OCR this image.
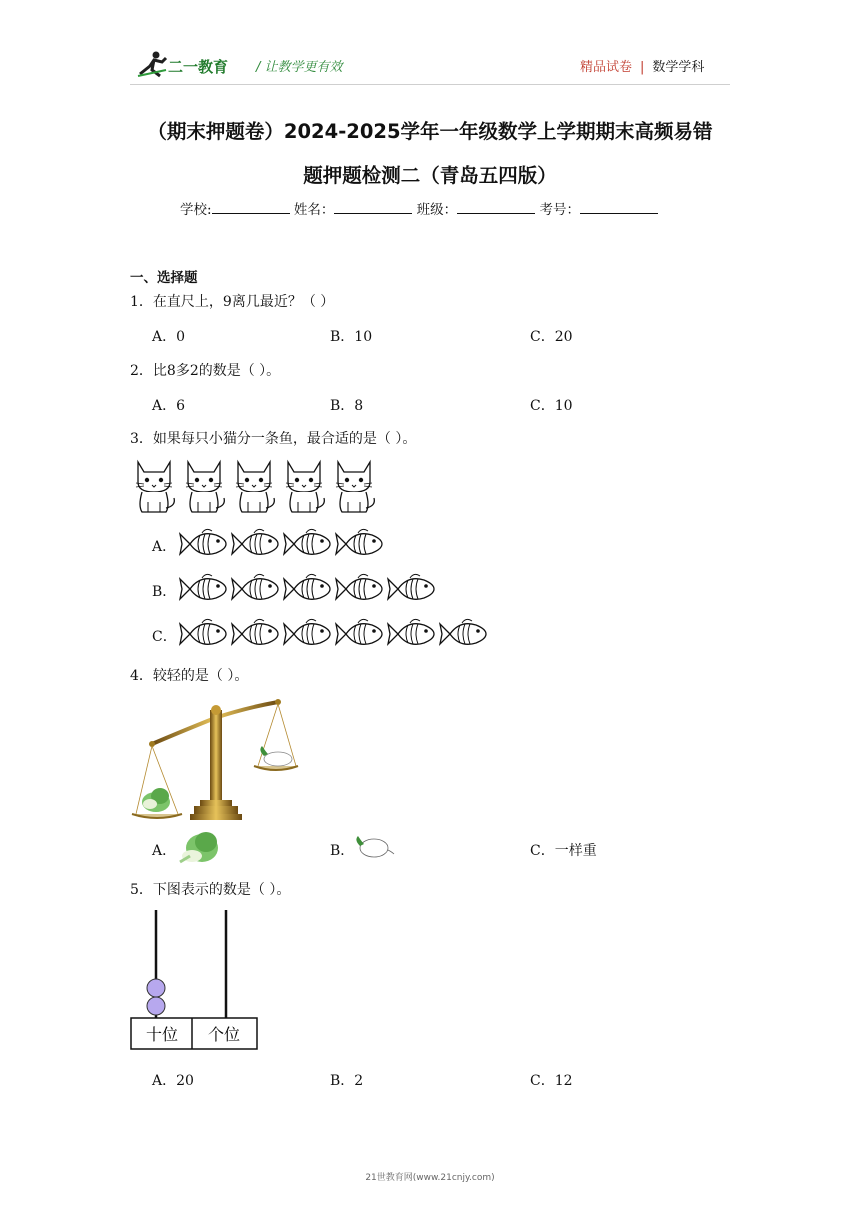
二一教育 / 让教学更有效	精品试卷 | 数学学科
（期末押题卷）2024-2025学年一年级数学上学期期末高频易错
题押题检测二（青岛五四版）
学校:	姓名：	班级：	考号：
一、选择题
1．在直尺上，9离几最近？（ ）
A．0	B．10	C．20
2．比8多2的数是（ ）。
A．6	B．8	C．10
3．如果每只小猫分一条鱼，最合适的是（ ）。
A．
B．
C．
4．较轻的是（ ）。
A．	B．	C．一样重
5．下图表示的数是（ ）。
十位 个位
A．20	B．2	C．12
21世教育网(www.21cnjy.com)
